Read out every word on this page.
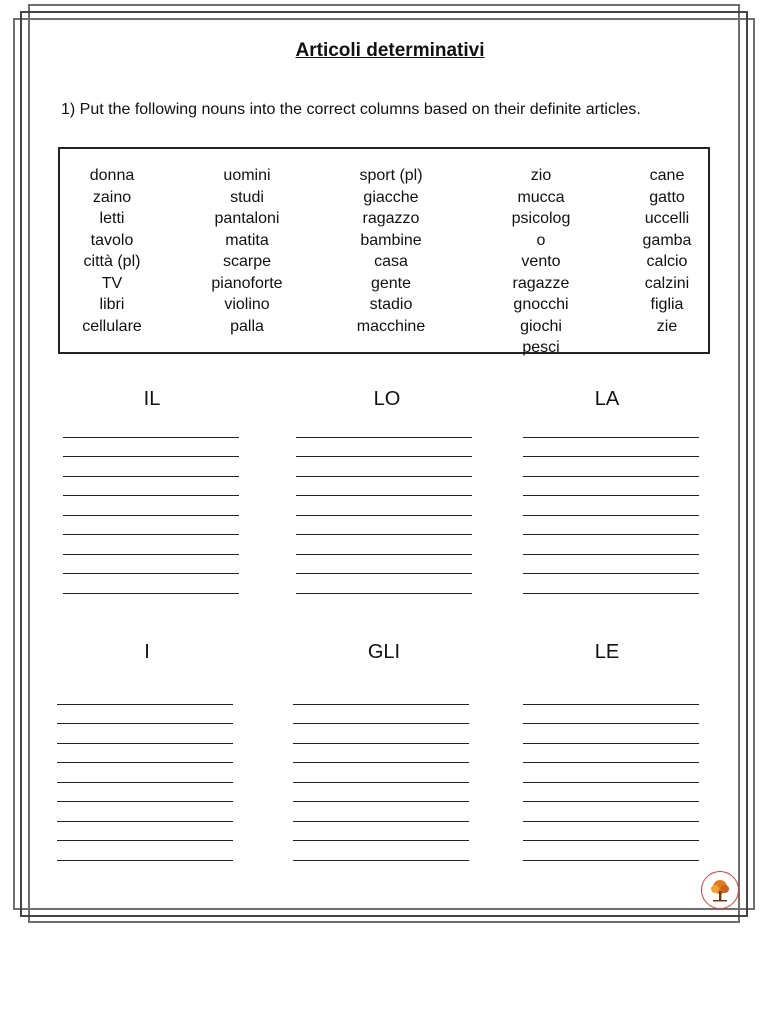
Articoli determinativi
1) Put the following nouns into the correct columns based on their definite articles.
donna
zaino
letti
tavolo
città (pl)
TV
libri
cellulare
uomini
studi
pantaloni
matita
scarpe
pianoforte
violino
palla
sport (pl)
giacche
ragazzo
bambine
casa
gente
stadio
macchine
zio
mucca
psicolog
o
vento
ragazze
gnocchi
giochi
pesci
cane
gatto
uccelli
gamba
calcio
calzini
figlia
zie
IL	LO	LA
I	GLI	LE
